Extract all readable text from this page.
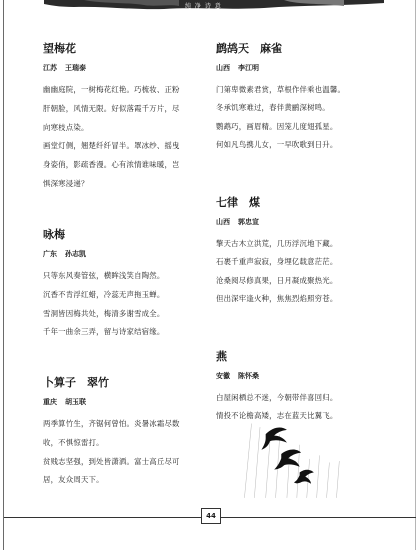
纯 净 诗 意
望梅花
江苏 王瑞泰
幽幽庭院，一树梅花红艳。巧梳妆、正粉
肝朝脸，风情无限。好似落霞千万片，尽
向寒枝点染。
画堂灯侧，翘楚纤纤冒半。罩冰纱、摇曳
身姿俏，影疏香漫。心有浓情谁味暖，岂
惧深寒浸递？
咏梅
广东 孙志凯
只等东风奏管弦，横眸浅笑自陶然。
沉香不肯浮红蜡，冷蕊无声拖玉蝉。
雪洞皆因梅共处，梅清多谢雪成全。
千年一曲余三弄，留与诗家结宿缘。
卜算子　翠竹
重庆 胡玉联
两季算竹生，齐锯何曾怕。炎暑冰霜尽数
收，不惧惊雷打。
贫贱志坚强，到处皆潇洒。富士高丘尽可
居，友众周天下。
鹧鸪天　麻雀
山西 李江明
门第卑微素君赏，草根作伴乘也温馨。
冬承饥寒难过，春伴黄鹂深树鸣。
鹦鹉巧，画眉精。因笼儿度翅孤星。
何如凡鸟携儿女，一早吹歌到日升。
七律　煤
山西 郭忠宣
擎天古木立洪荒，几历浮沉地下藏。
石裹千重声寂寂，身埋亿载意茫茫。
沧桑阅尽修真果，日月凝成聚热光。
但出深牢逢火种，焦焦烈焰照穷苍。
燕
安徽 陈怀桑
白屋闲栖总不迷，今朝带伴喜回归。
情投不论檐高矮，志在蓝天比翼飞。
44
